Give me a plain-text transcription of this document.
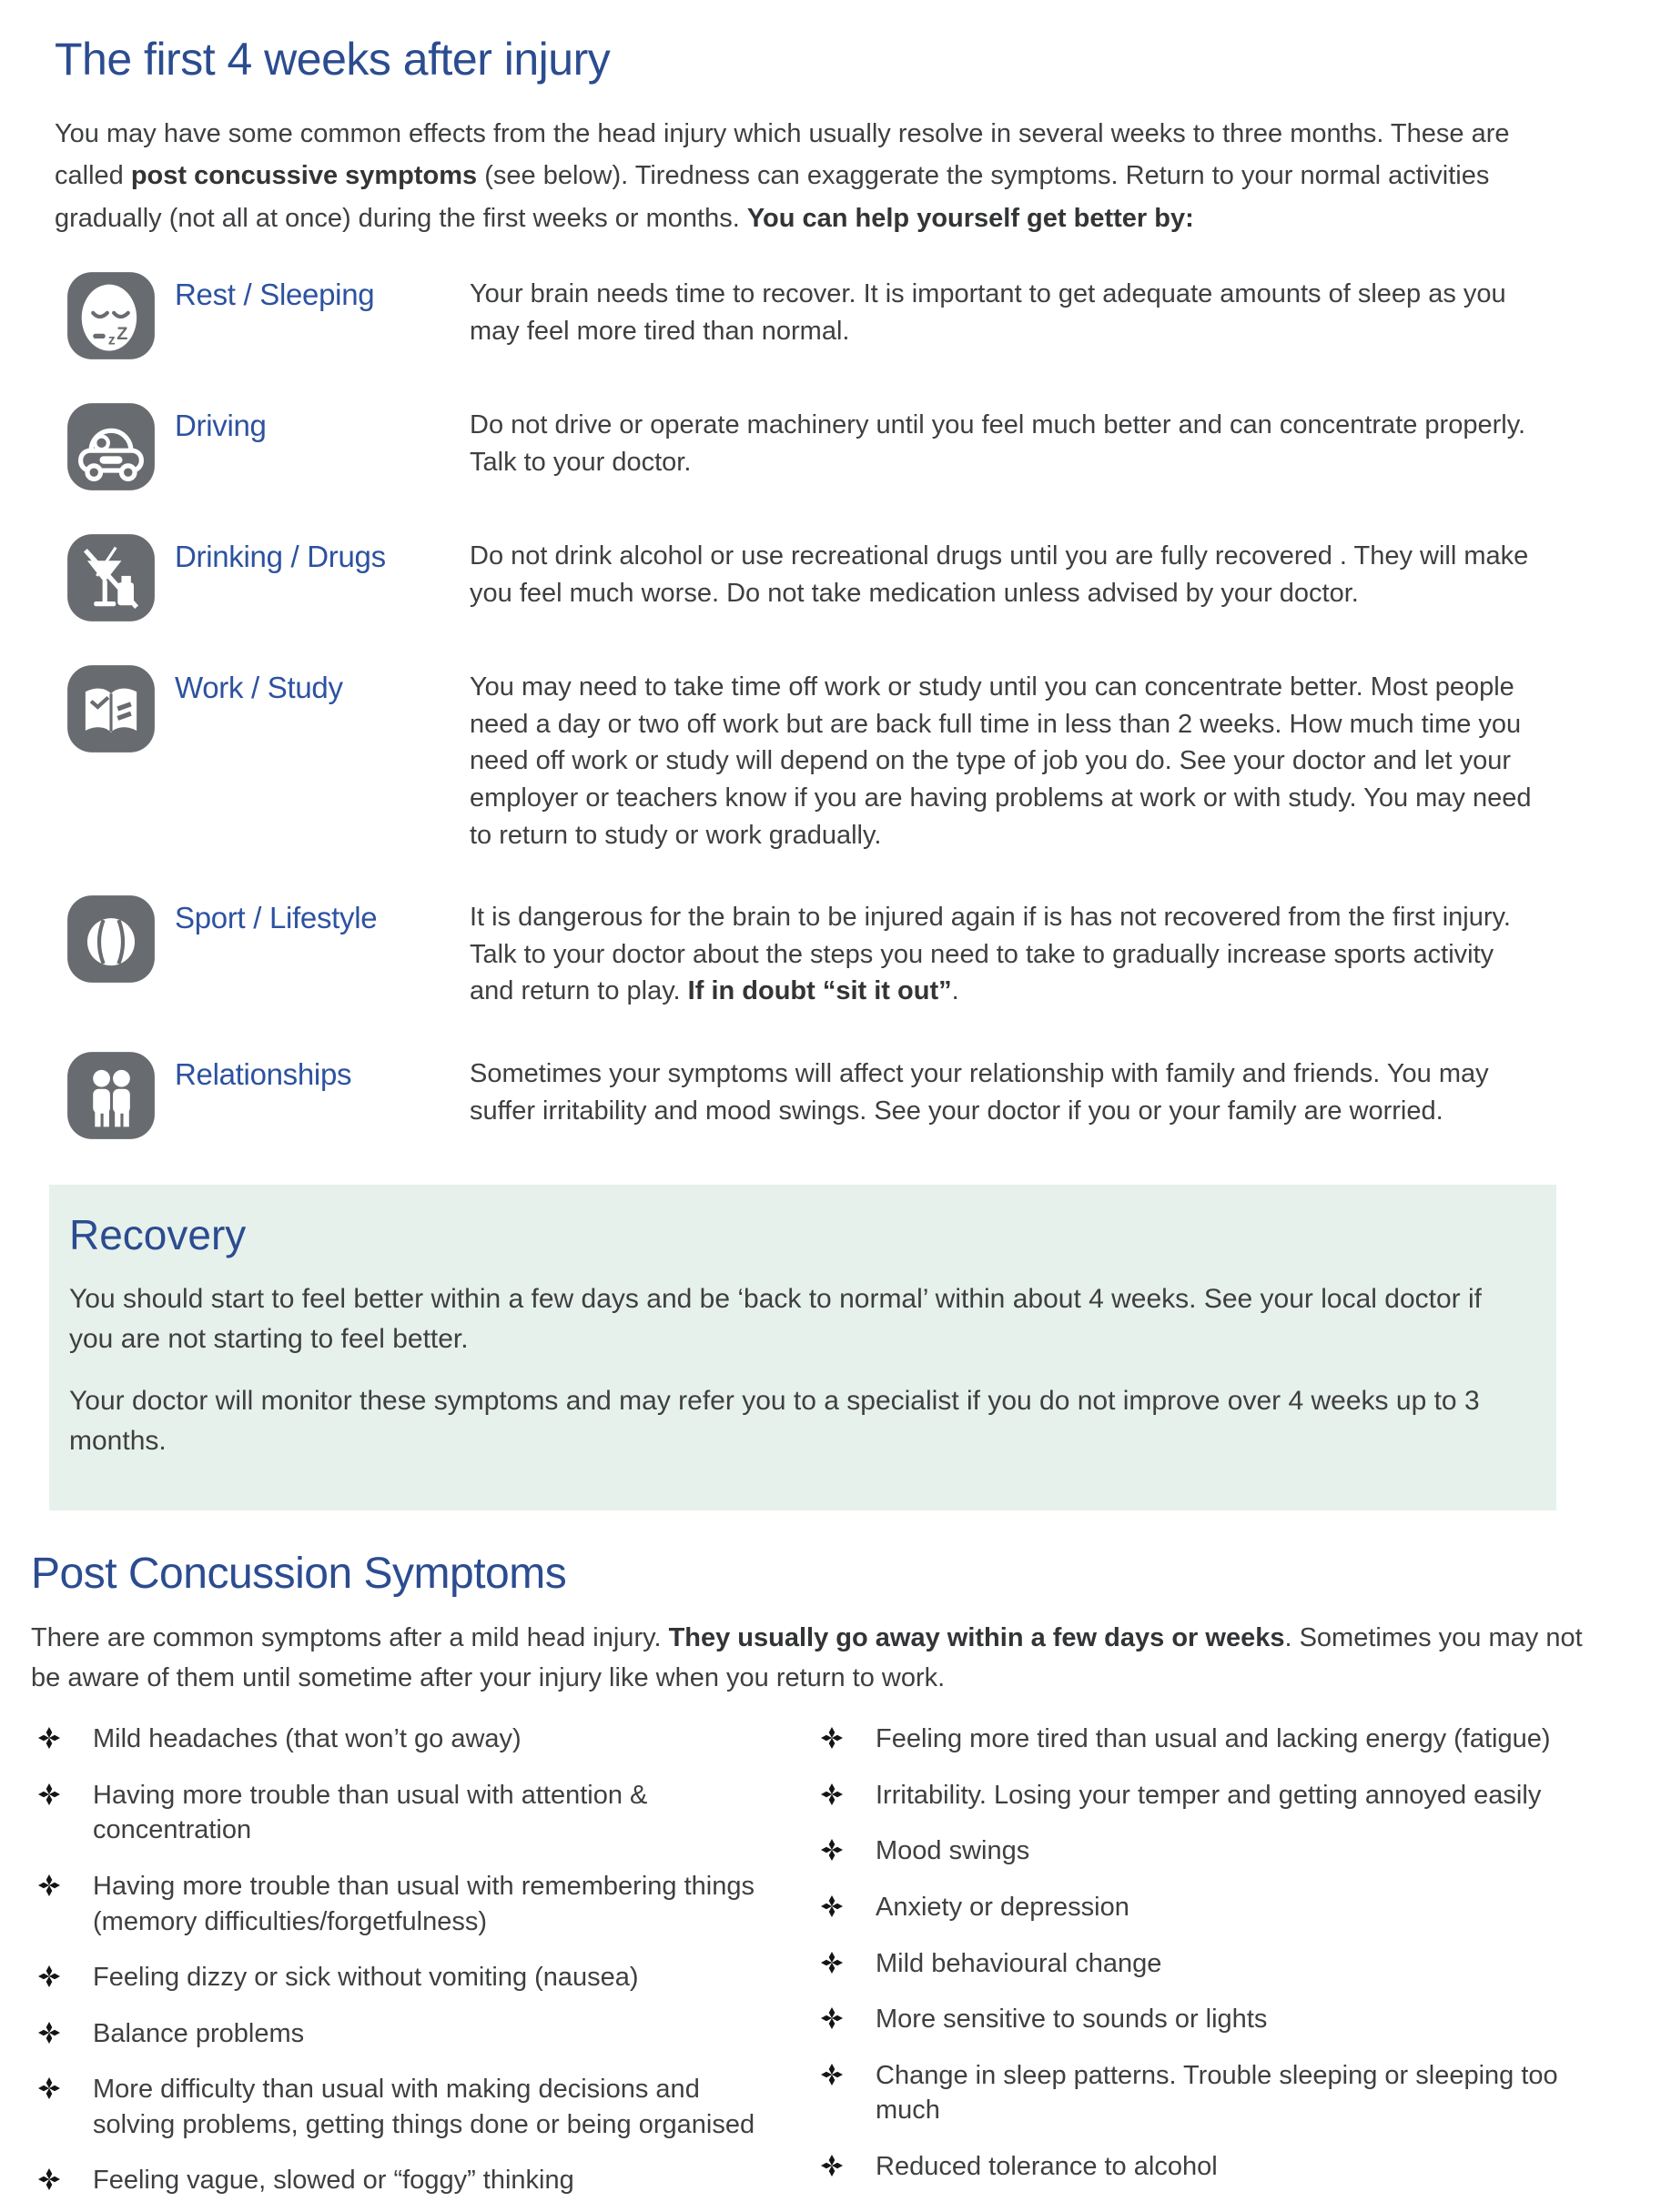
The first 4 weeks after injury

You may have some common effects from the head injury which usually resolve in several weeks to three months. These are called post concussive symptoms (see below). Tiredness can exaggerate the symptoms. Return to your normal activities gradually (not all at once) during the first weeks or months. You can help yourself get better by:

z Z
Rest / Sleeping	Your brain needs time to recover. It is important to get adequate amounts of sleep as you may feel more tired than normal.
Driving	Do not drive or operate machinery until you feel much better and can concentrate properly. Talk to your doctor.
Drinking / Drugs	Do not drink alcohol or use recreational drugs until you are fully recovered . They will make you feel much worse. Do not take medication unless advised by your doctor.
Work / Study	You may need to take time off work or study until you can concentrate better. Most people need a day or two off work but are back full time in less than 2 weeks. How much time you need off work or study will depend on the type of job you do. See your doctor and let your employer or teachers know if you are having problems at work or with study. You may need to return to study or work gradually.
Sport / Lifestyle	It is dangerous for the brain to be injured again if is has not recovered from the first injury. Talk to your doctor about the steps you need to take to gradually increase sports activity and return to play. If in doubt “sit it out”.
Relationships	Sometimes your symptoms will affect your relationship with family and friends. You may suffer irritability and mood swings. See your doctor if you or your family are worried.
Recovery

You should start to feel better within a few days and be ‘back to normal’ within about 4 weeks. See your local doctor if you are not starting to feel better.

Your doctor will monitor these symptoms and may refer you to a specialist if you do not improve over 4 weeks up to 3 months.

Post Concussion Symptoms

There are common symptoms after a mild head injury. They usually go away within a few days or weeks. Sometimes you may not be aware of them until sometime after your injury like when you return to work.

Mild headaches (that won’t go away)
Having more trouble than usual with attention & concentration
Having more trouble than usual with remembering things (memory difficulties/forgetfulness)
Feeling dizzy or sick without vomiting (nausea)
Balance problems
More difficulty than usual with making decisions and solving problems, getting things done or being organised
Feeling vague, slowed or “foggy” thinking
Feeling more tired than usual and lacking energy (fatigue)
Irritability. Losing your temper and getting annoyed easily
Mood swings
Anxiety or depression
Mild behavioural change
More sensitive to sounds or lights
Change in sleep patterns. Trouble sleeping or sleeping too much
Reduced tolerance to alcohol
